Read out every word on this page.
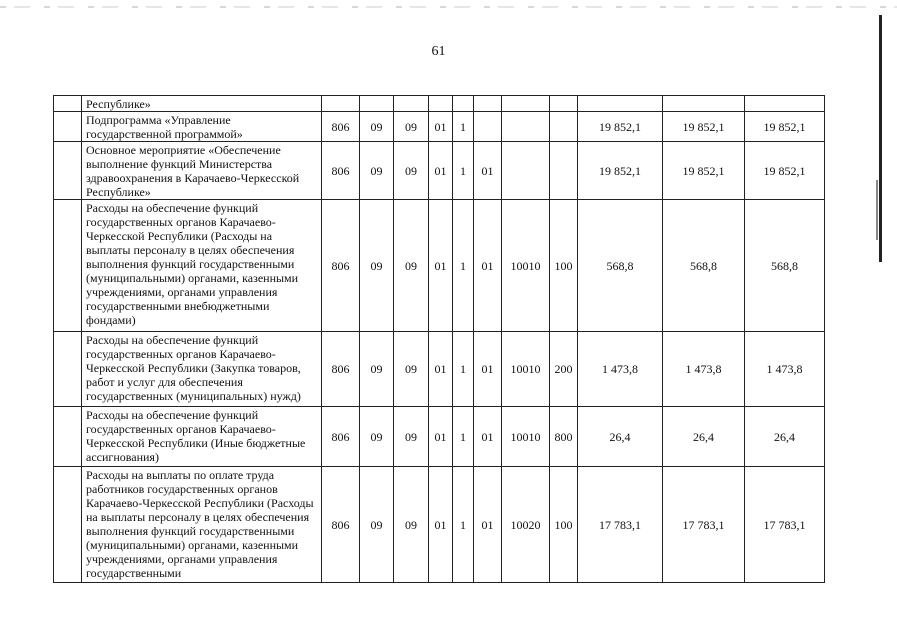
61
	Республике»											
	Подпрограмма «Управление государственной программой»	806	09	09	01	1				19 852,1	19 852,1	19 852,1
	Основное мероприятие «Обеспечение выполнение функций Министерства здравоохранения в Карачаево-Черкесской Республике»	806	09	09	01	1	01			19 852,1	19 852,1	19 852,1
	Расходы на обеспечение функций государственных органов Карачаево-Черкесской Республики (Расходы на выплаты персоналу в целях обеспечения выполнения функций государственными (муниципальными) органами, казенными учреждениями, органами управления государственными внебюджетными фондами)	806	09	09	01	1	01	10010	100	568,8	568,8	568,8
	Расходы на обеспечение функций государственных органов Карачаево-Черкесской Республики (Закупка товаров, работ и услуг для обеспечения государственных (муниципальных) нужд)	806	09	09	01	1	01	10010	200	1 473,8	1 473,8	1 473,8
	Расходы на обеспечение функций государственных органов Карачаево-Черкесской Республики (Иные бюджетные ассигнования)	806	09	09	01	1	01	10010	800	26,4	26,4	26,4
	Расходы на выплаты по оплате труда работников государственных органов Карачаево-Черкесской Республики (Расходы на выплаты персоналу в целях обеспечения выполнения функций государственными (муниципальными) органами, казенными учреждениями, органами управления государственными	806	09	09	01	1	01	10020	100	17 783,1	17 783,1	17 783,1
